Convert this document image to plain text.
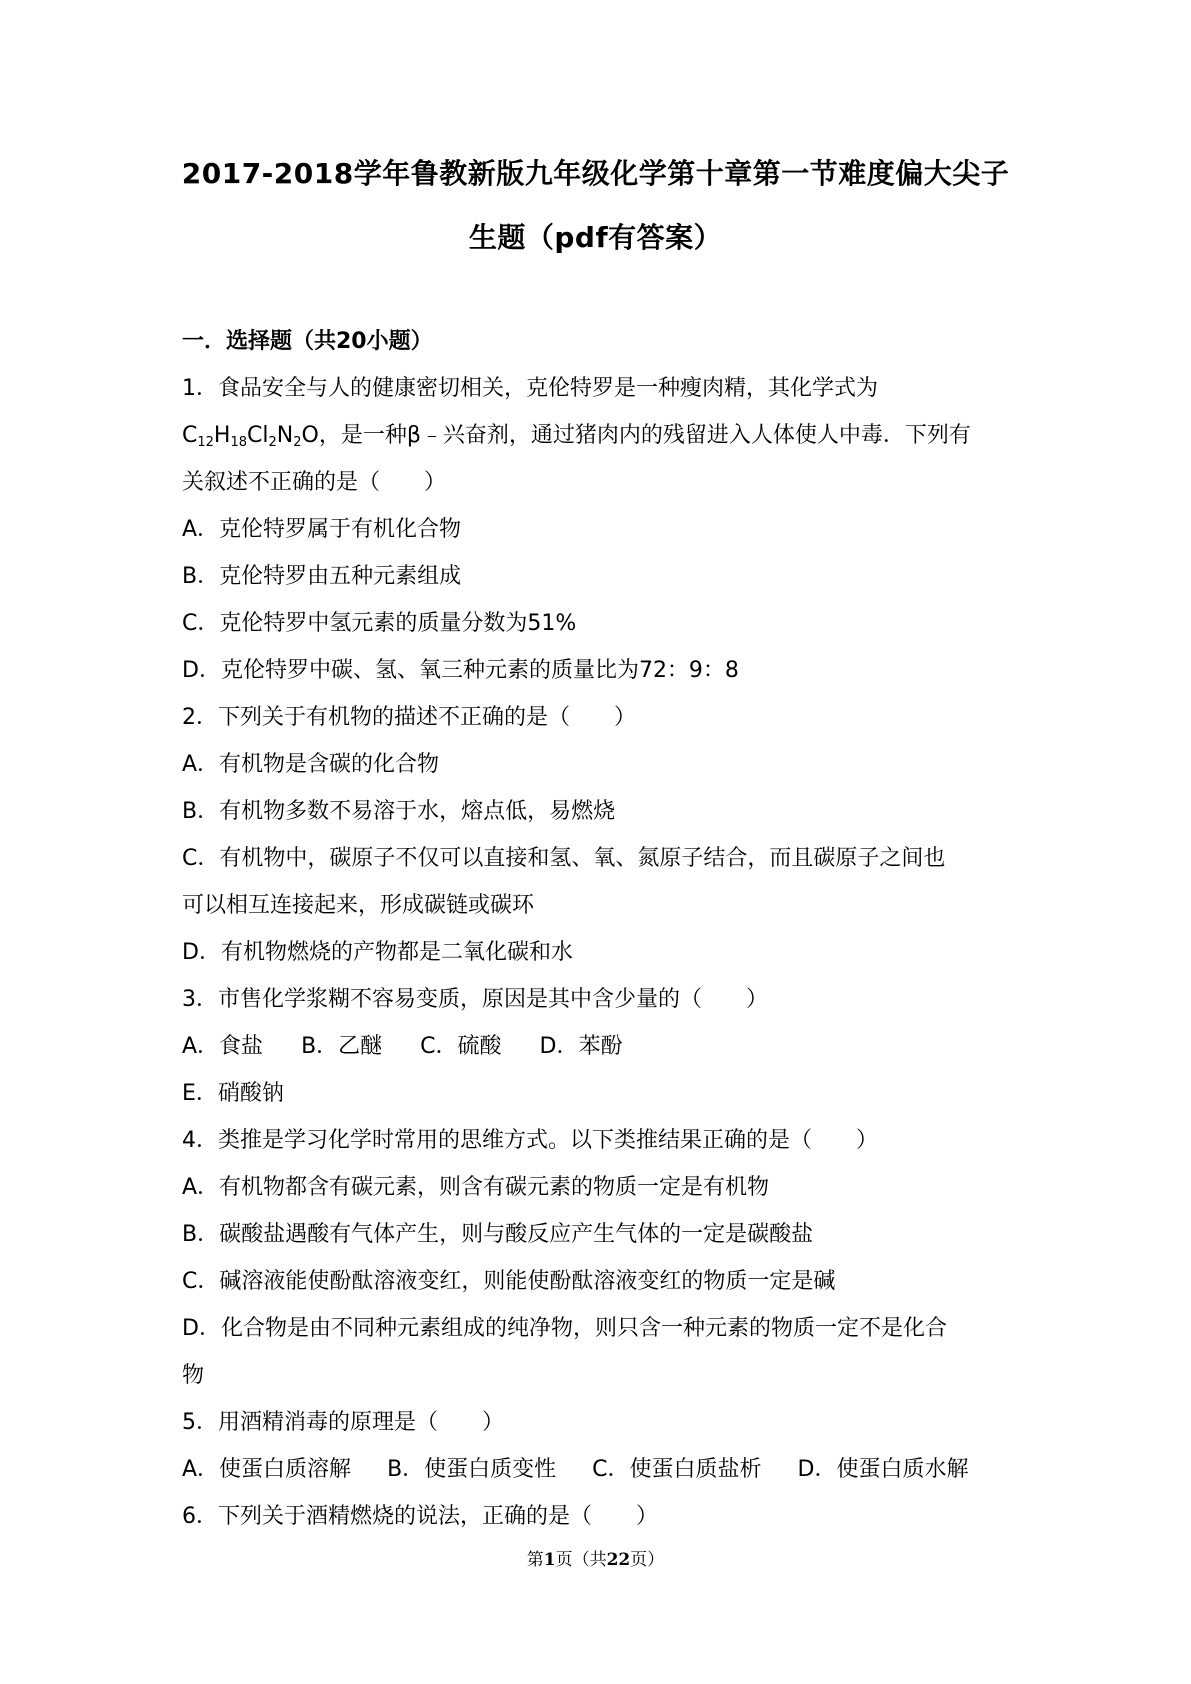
2017-2018学年鲁教新版九年级化学第十章第一节难度偏大尖子
生题（pdf有答案）
一．选择题（共20小题）
1．食品安全与人的健康密切相关，克伦特罗是一种瘦肉精，其化学式为
$C_{12}H_{18}Cl_2N_2O$，是一种β﹣兴奋剂，通过猪肉内的残留进入人体使人中毒．下列有
关叙述不正确的是（　　）
A．克伦特罗属于有机化合物
B．克伦特罗由五种元素组成
C．克伦特罗中氢元素的质量分数为51%
D．克伦特罗中碳、氢、氧三种元素的质量比为72：9：8
2．下列关于有机物的描述不正确的是（　　）
A．有机物是含碳的化合物
B．有机物多数不易溶于水，熔点低，易燃烧
C．有机物中，碳原子不仅可以直接和氢、氧、氮原子结合，而且碳原子之间也
可以相互连接起来，形成碳链或碳环
D．有机物燃烧的产物都是二氧化碳和水
3．市售化学浆糊不容易变质，原因是其中含少量的（　　）
A．食盐 B．乙醚 C．硫酸 D．苯酚
E．硝酸钠
4．类推是学习化学时常用的思维方式。以下类推结果正确的是（　　）
A．有机物都含有碳元素，则含有碳元素的物质一定是有机物
B．碳酸盐遇酸有气体产生，则与酸反应产生气体的一定是碳酸盐
C．碱溶液能使酚酞溶液变红，则能使酚酞溶液变红的物质一定是碱
D．化合物是由不同种元素组成的纯净物，则只含一种元素的物质一定不是化合
物
5．用酒精消毒的原理是（　　）
A．使蛋白质溶解 B．使蛋白质变性 C．使蛋白质盐析 D．使蛋白质水解
6．下列关于酒精燃烧的说法，正确的是（　　）
第1页（共22页）
